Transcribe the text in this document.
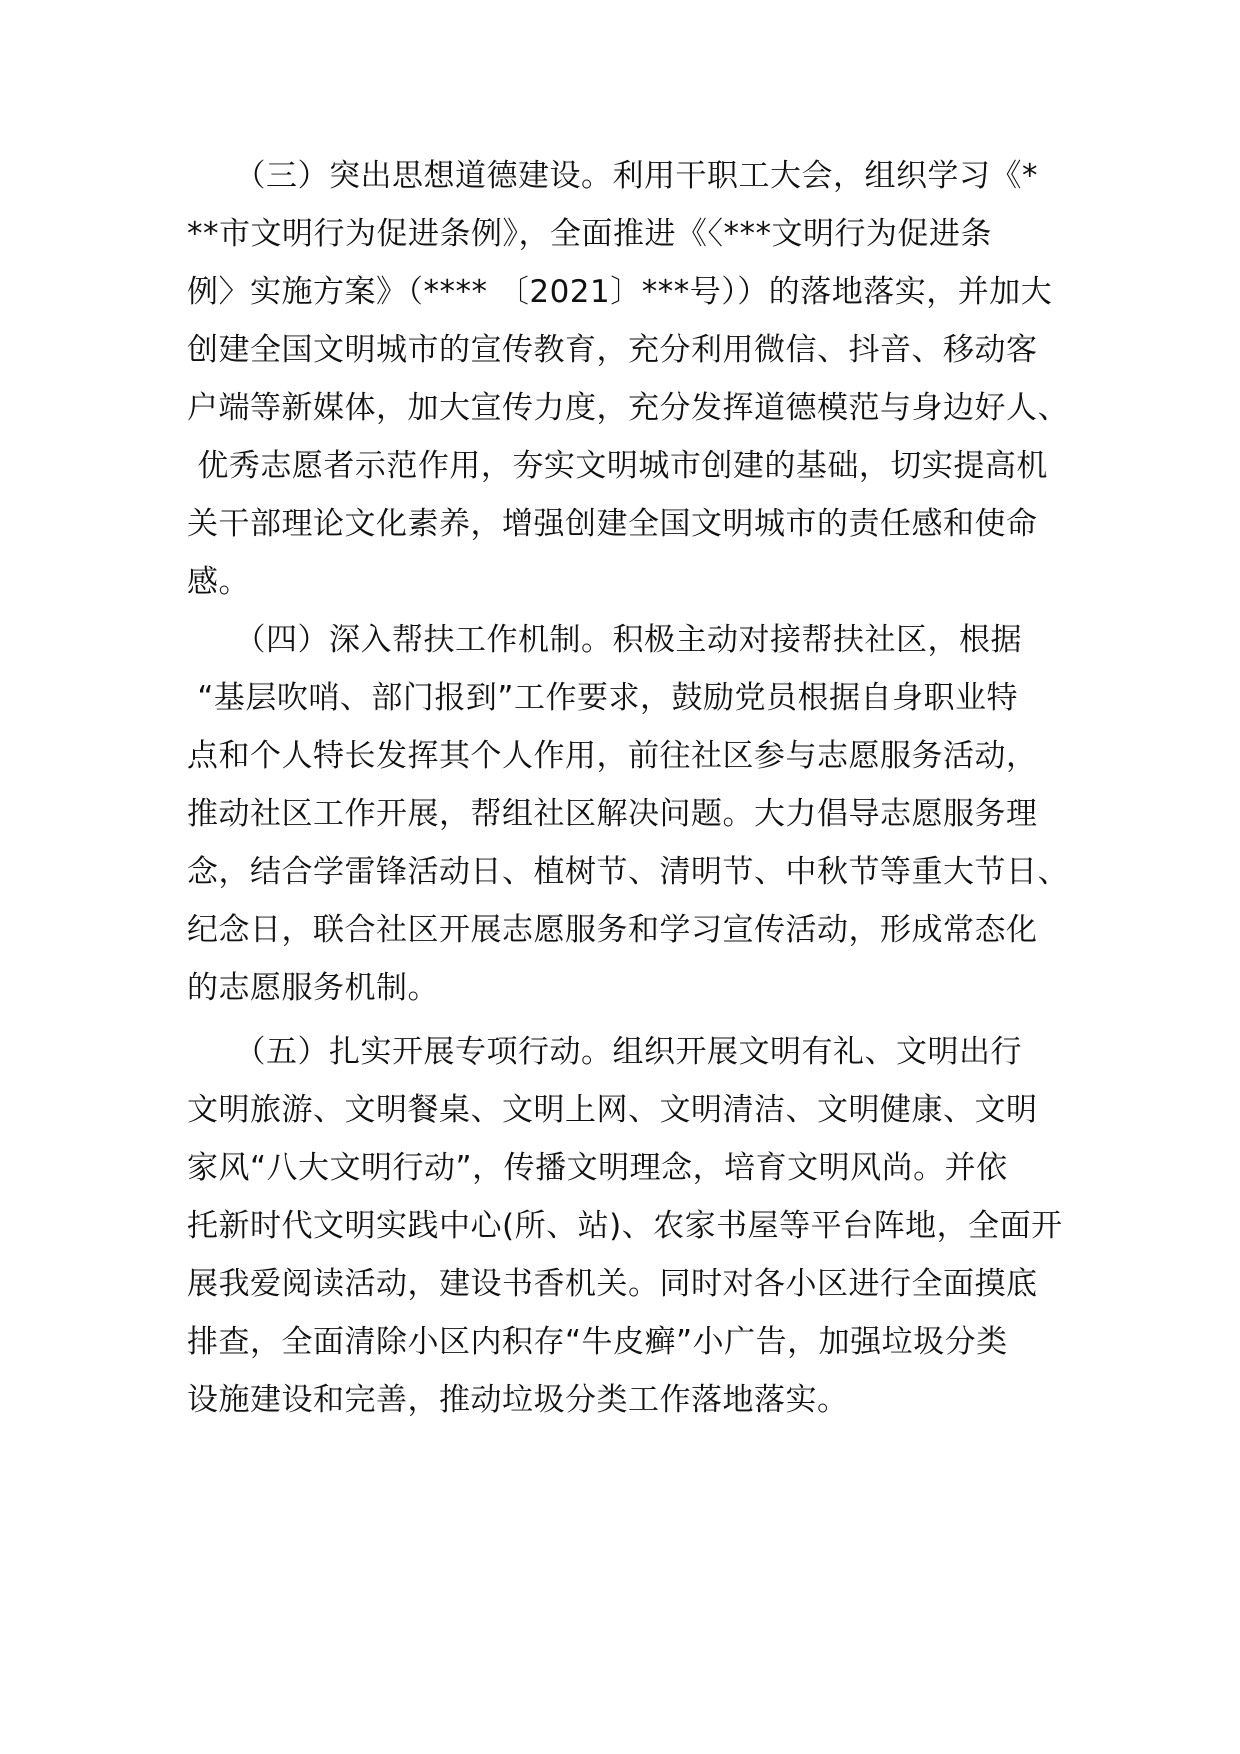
　　（三）突出思想道德建设。利用干职工大会，组织学习《*
**市文明行为促进条例》，全面推进《〈***文明行为促进条
例〉实施方案》（**** 〔2021〕***号））的落地落实，并加大
创建全国文明城市的宣传教育，充分利用微信、抖音、移动客
户端等新媒体，加大宣传力度，充分发挥道德模范与身边好人、
优秀志愿者示范作用，夯实文明城市创建的基础，切实提高机
关干部理论文化素养，增强创建全国文明城市的责任感和使命
感。
　　（四）深入帮扶工作机制。积极主动对接帮扶社区，根据
“基层吹哨、部门报到”工作要求，鼓励党员根据自身职业特
点和个人特长发挥其个人作用，前往社区参与志愿服务活动，
推动社区工作开展，帮组社区解决问题。大力倡导志愿服务理
念，结合学雷锋活动日、植树节、清明节、中秋节等重大节日、
纪念日，联合社区开展志愿服务和学习宣传活动，形成常态化
的志愿服务机制。
　　（五）扎实开展专项行动。组织开展文明有礼、文明出行
文明旅游、文明餐桌、文明上网、文明清洁、文明健康、文明
家风“八大文明行动”，传播文明理念，培育文明风尚。并依
托新时代文明实践中心(所、站)、农家书屋等平台阵地，全面开
展我爱阅读活动，建设书香机关。同时对各小区进行全面摸底
排查，全面清除小区内积存“牛皮癣”小广告，加强垃圾分类
设施建设和完善，推动垃圾分类工作落地落实。
